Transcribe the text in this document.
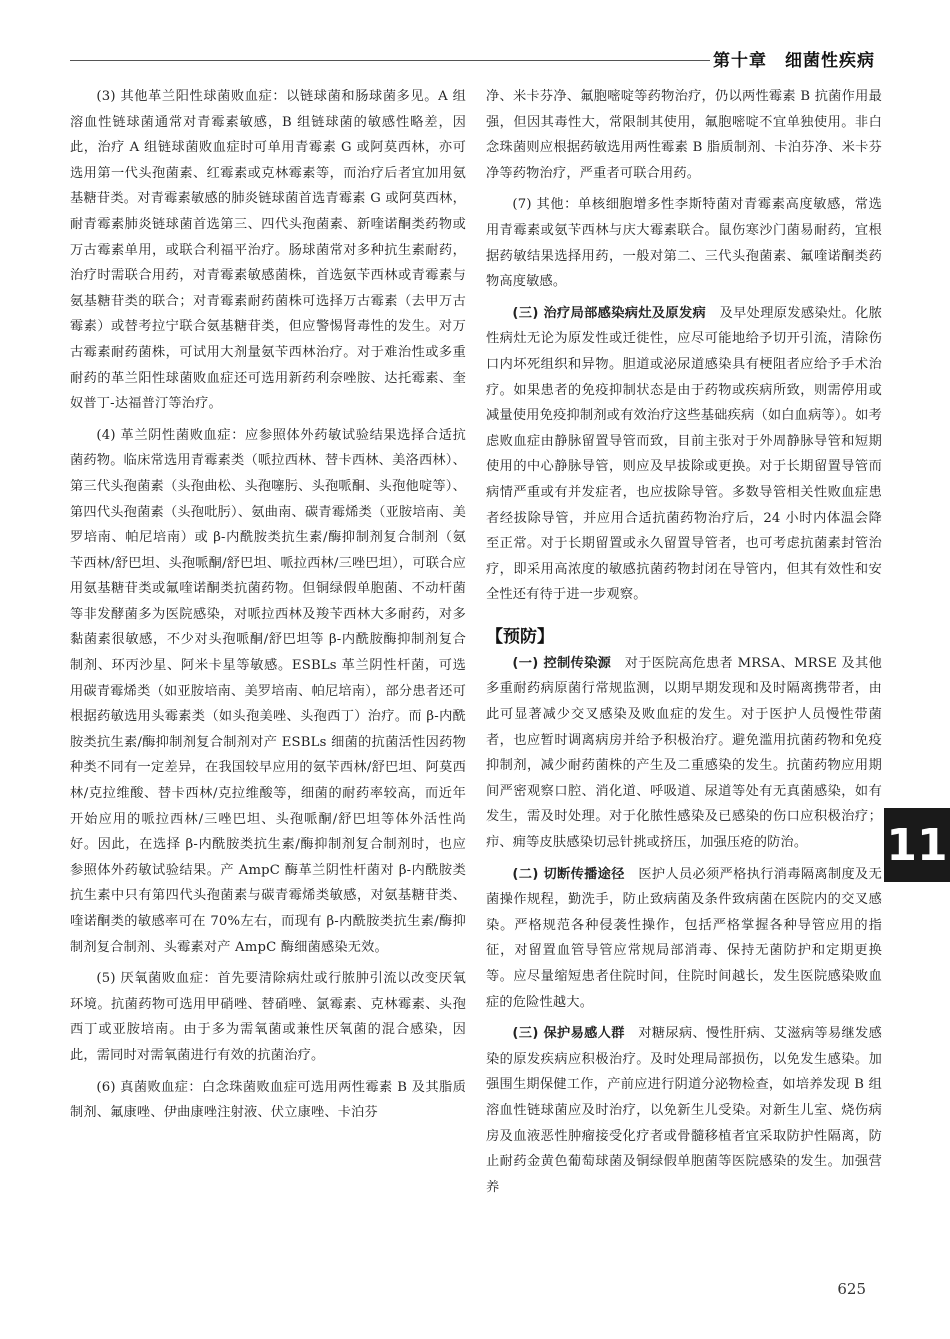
第十章　细菌性疾病

(3) 其他革兰阳性球菌败血症：以链球菌和肠球菌多见。A 组溶血性链球菌通常对青霉素敏感，B 组链球菌的敏感性略差，因此，治疗 A 组链球菌败血症时可单用青霉素 G 或阿莫西林，亦可选用第一代头孢菌素、红霉素或克林霉素等，而治疗后者宜加用氨基糖苷类。对青霉素敏感的肺炎链球菌首选青霉素 G 或阿莫西林，耐青霉素肺炎链球菌首选第三、四代头孢菌素、新喹诺酮类药物或万古霉素单用，或联合利福平治疗。肠球菌常对多种抗生素耐药，治疗时需联合用药，对青霉素敏感菌株，首选氨苄西林或青霉素与氨基糖苷类的联合；对青霉素耐药菌株可选择万古霉素（去甲万古霉素）或替考拉宁联合氨基糖苷类，但应警惕肾毒性的发生。对万古霉素耐药菌株，可试用大剂量氨苄西林治疗。对于难治性或多重耐药的革兰阳性球菌败血症还可选用新药利奈唑胺、达托霉素、奎奴普丁-达福普汀等治疗。

(4) 革兰阴性菌败血症：应参照体外药敏试验结果选择合适抗菌药物。临床常选用青霉素类（哌拉西林、替卡西林、美洛西林）、第三代头孢菌素（头孢曲松、头孢噻肟、头孢哌酮、头孢他啶等）、第四代头孢菌素（头孢吡肟）、氨曲南、碳青霉烯类（亚胺培南、美罗培南、帕尼培南）或 β-内酰胺类抗生素/酶抑制剂复合制剂（氨苄西林/舒巴坦、头孢哌酮/舒巴坦、哌拉西林/三唑巴坦），可联合应用氨基糖苷类或氟喹诺酮类抗菌药物。但铜绿假单胞菌、不动杆菌等非发酵菌多为医院感染，对哌拉西林及羧苄西林大多耐药，对多黏菌素很敏感，不少对头孢哌酮/舒巴坦等 β-内酰胺酶抑制剂复合制剂、环丙沙星、阿米卡星等敏感。ESBLs 革兰阴性杆菌，可选用碳青霉烯类（如亚胺培南、美罗培南、帕尼培南），部分患者还可根据药敏选用头霉素类（如头孢美唑、头孢西丁）治疗。而 β-内酰胺类抗生素/酶抑制剂复合制剂对产 ESBLs 细菌的抗菌活性因药物种类不同有一定差异，在我国较早应用的氨苄西林/舒巴坦、阿莫西林/克拉维酸、替卡西林/克拉维酸等，细菌的耐药率较高，而近年开始应用的哌拉西林/三唑巴坦、头孢哌酮/舒巴坦等体外活性尚好。因此，在选择 β-内酰胺类抗生素/酶抑制剂复合制剂时，也应参照体外药敏试验结果。产 AmpC 酶革兰阴性杆菌对 β-内酰胺类抗生素中只有第四代头孢菌素与碳青霉烯类敏感，对氨基糖苷类、喹诺酮类的敏感率可在 70%左右，而现有 β-内酰胺类抗生素/酶抑制剂复合制剂、头霉素对产 AmpC 酶细菌感染无效。

(5) 厌氧菌败血症：首先要清除病灶或行脓肿引流以改变厌氧环境。抗菌药物可选用甲硝唑、替硝唑、氯霉素、克林霉素、头孢西丁或亚胺培南。由于多为需氧菌或兼性厌氧菌的混合感染，因此，需同时对需氧菌进行有效的抗菌治疗。

(6) 真菌败血症：白念珠菌败血症可选用两性霉素 B 及其脂质制剂、氟康唑、伊曲康唑注射液、伏立康唑、卡泊芬

净、米卡芬净、氟胞嘧啶等药物治疗，仍以两性霉素 B 抗菌作用最强，但因其毒性大，常限制其使用，氟胞嘧啶不宜单独使用。非白念珠菌则应根据药敏选用两性霉素 B 脂质制剂、卡泊芬净、米卡芬净等药物治疗，严重者可联合用药。

(7) 其他：单核细胞增多性李斯特菌对青霉素高度敏感，常选用青霉素或氨苄西林与庆大霉素联合。鼠伤寒沙门菌易耐药，宜根据药敏结果选择用药，一般对第二、三代头孢菌素、氟喹诺酮类药物高度敏感。

(三) 治疗局部感染病灶及原发病　及早处理原发感染灶。化脓性病灶无论为原发性或迁徙性，应尽可能地给予切开引流，清除伤口内坏死组织和异物。胆道或泌尿道感染具有梗阻者应给予手术治疗。如果患者的免疫抑制状态是由于药物或疾病所致，则需停用或减量使用免疫抑制剂或有效治疗这些基础疾病（如白血病等）。如考虑败血症由静脉留置导管而致，目前主张对于外周静脉导管和短期使用的中心静脉导管，则应及早拔除或更换。对于长期留置导管而病情严重或有并发症者，也应拔除导管。多数导管相关性败血症患者经拔除导管，并应用合适抗菌药物治疗后，24 小时内体温会降至正常。对于长期留置或永久留置导管者，也可考虑抗菌素封管治疗，即采用高浓度的敏感抗菌药物封闭在导管内，但其有效性和安全性还有待于进一步观察。

【预防】

(一) 控制传染源　对于医院高危患者 MRSA、MRSE 及其他多重耐药病原菌行常规监测，以期早期发现和及时隔离携带者，由此可显著减少交叉感染及败血症的发生。对于医护人员慢性带菌者，也应暂时调离病房并给予积极治疗。避免滥用抗菌药物和免疫抑制剂，减少耐药菌株的产生及二重感染的发生。抗菌药物应用期间严密观察口腔、消化道、呼吸道、尿道等处有无真菌感染，如有发生，需及时处理。对于化脓性感染及已感染的伤口应积极治疗；疖、痈等皮肤感染切忌针挑或挤压，加强压疮的防治。

(二) 切断传播途径　医护人员必须严格执行消毒隔离制度及无菌操作规程，勤洗手，防止致病菌及条件致病菌在医院内的交叉感染。严格规范各种侵袭性操作，包括严格掌握各种导管应用的指征，对留置血管导管应常规局部消毒、保持无菌防护和定期更换等。应尽量缩短患者住院时间，住院时间越长，发生医院感染败血症的危险性越大。

(三) 保护易感人群　对糖尿病、慢性肝病、艾滋病等易继发感染的原发疾病应积极治疗。及时处理局部损伤，以免发生感染。加强围生期保健工作，产前应进行阴道分泌物检查，如培养发现 B 组溶血性链球菌应及时治疗，以免新生儿受染。对新生儿室、烧伤病房及血液恶性肿瘤接受化疗者或骨髓移植者宜采取防护性隔离，防止耐药金黄色葡萄球菌及铜绿假单胞菌等医院感染的发生。加强营养

11
625
